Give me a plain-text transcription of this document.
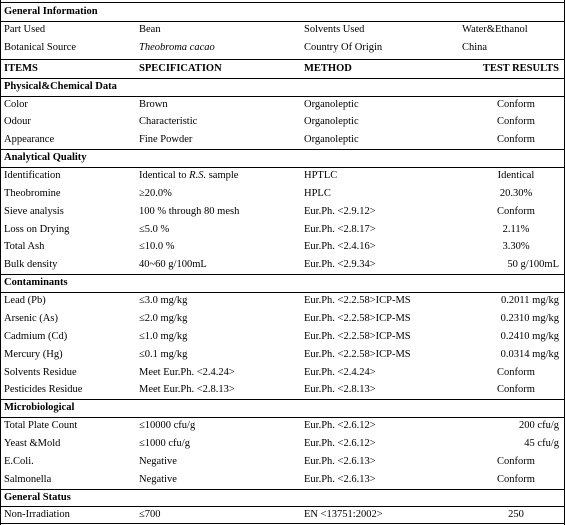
General Information
Part Used	Bean	Solvents Used	Water&Ethanol
Botanical Source	Theobroma cacao	Country Of Origin	China
ITEMS	SPECIFICATION	METHOD	TEST RESULTS
Physical&Chemical Data
Color	Brown	Organoleptic	Conform
Odour	Characteristic	Organoleptic	Conform
Appearance	Fine Powder	Organoleptic	Conform
Analytical Quality
Identification	Identical to R.S. sample	HPTLC	Identical
Theobromine	≥20.0%	HPLC	20.30%
Sieve analysis	100 % through 80 mesh	Eur.Ph. <2.9.12>	Conform
Loss on Drying	≤5.0 %	Eur.Ph. <2.8.17>	2.11%
Total Ash	≤10.0 %	Eur.Ph. <2.4.16>	3.30%
Bulk density	40~60 g/100mL	Eur.Ph. <2.9.34>	50 g/100mL
Contaminants
Lead (Pb)	≤3.0 mg/kg	Eur.Ph. <2.2.58>ICP-MS	0.2011 mg/kg
Arsenic (As)	≤2.0 mg/kg	Eur.Ph. <2.2.58>ICP-MS	0.2310 mg/kg
Cadmium (Cd)	≤1.0 mg/kg	Eur.Ph. <2.2.58>ICP-MS	0.2410 mg/kg
Mercury (Hg)	≤0.1 mg/kg	Eur.Ph. <2.2.58>ICP-MS	0.0314 mg/kg
Solvents Residue	Meet Eur.Ph. <2.4.24>	Eur.Ph. <2.4.24>	Conform
Pesticides Residue	Meet Eur.Ph. <2.8.13>	Eur.Ph. <2.8.13>	Conform
Microbiological
Total Plate Count	≤10000 cfu/g	Eur.Ph. <2.6.12>	200 cfu/g
Yeast &Mold	≤1000 cfu/g	Eur.Ph. <2.6.12>	45 cfu/g
E.Coli.	Negative	Eur.Ph. <2.6.13>	Conform
Salmonella	Negative	Eur.Ph. <2.6.13>	Conform
General Status
Non-Irradiation	≤700	EN <13751:2002>	250
